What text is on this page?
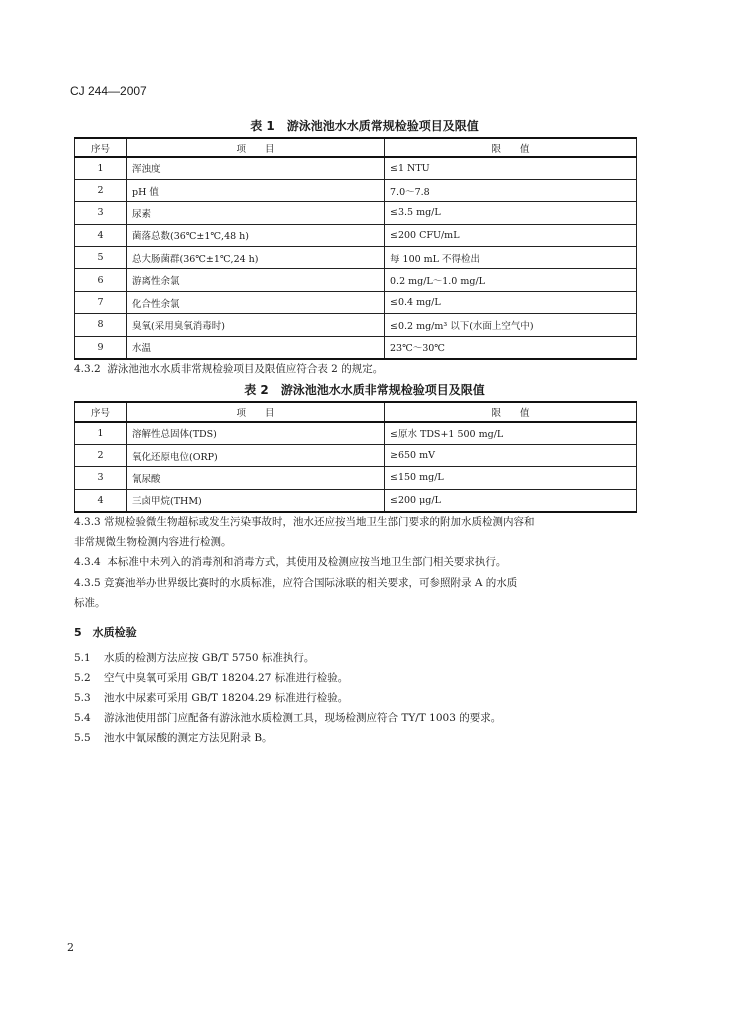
CJ 244—2007
表 1　游泳池池水水质常规检验项目及限值
序号	项　　目	限　　值
1	浑浊度	≤1 NTU
2	pH 值	7.0～7.8
3	尿素	≤3.5 mg/L
4	菌落总数(36℃±1℃,48 h)	≤200 CFU/mL
5	总大肠菌群(36℃±1℃,24 h)	每 100 mL 不得检出
6	游离性余氯	0.2 mg/L～1.0 mg/L
7	化合性余氯	≤0.4 mg/L
8	臭氧(采用臭氧消毒时)	≤0.2 mg/m³ 以下(水面上空气中)
9	水温	23℃～30℃
4.3.2 游泳池池水水质非常规检验项目及限值应符合表 2 的规定。
表 2　游泳池池水水质非常规检验项目及限值
序号	项　　目	限　　值
1	溶解性总固体(TDS)	≤原水 TDS+1 500 mg/L
2	氧化还原电位(ORP)	≥650 mV
3	氰尿酸	≤150 mg/L
4	三卤甲烷(THM)	≤200 μg/L
4.3.3 常规检验微生物超标或发生污染事故时，池水还应按当地卫生部门要求的附加水质检测内容和
非常规微生物检测内容进行检测。
4.3.4 本标准中未列入的消毒剂和消毒方式，其使用及检测应按当地卫生部门相关要求执行。
4.3.5 竞赛池举办世界级比赛时的水质标准，应符合国际泳联的相关要求，可参照附录 A 的水质
标准。
5　水质检验
5.1 水质的检测方法应按 GB/T 5750 标准执行。
5.2 空气中臭氧可采用 GB/T 18204.27 标准进行检验。
5.3 池水中尿素可采用 GB/T 18204.29 标准进行检验。
5.4 游泳池使用部门应配备有游泳池水质检测工具，现场检测应符合 TY/T 1003 的要求。
5.5 池水中氰尿酸的测定方法见附录 B。
2
